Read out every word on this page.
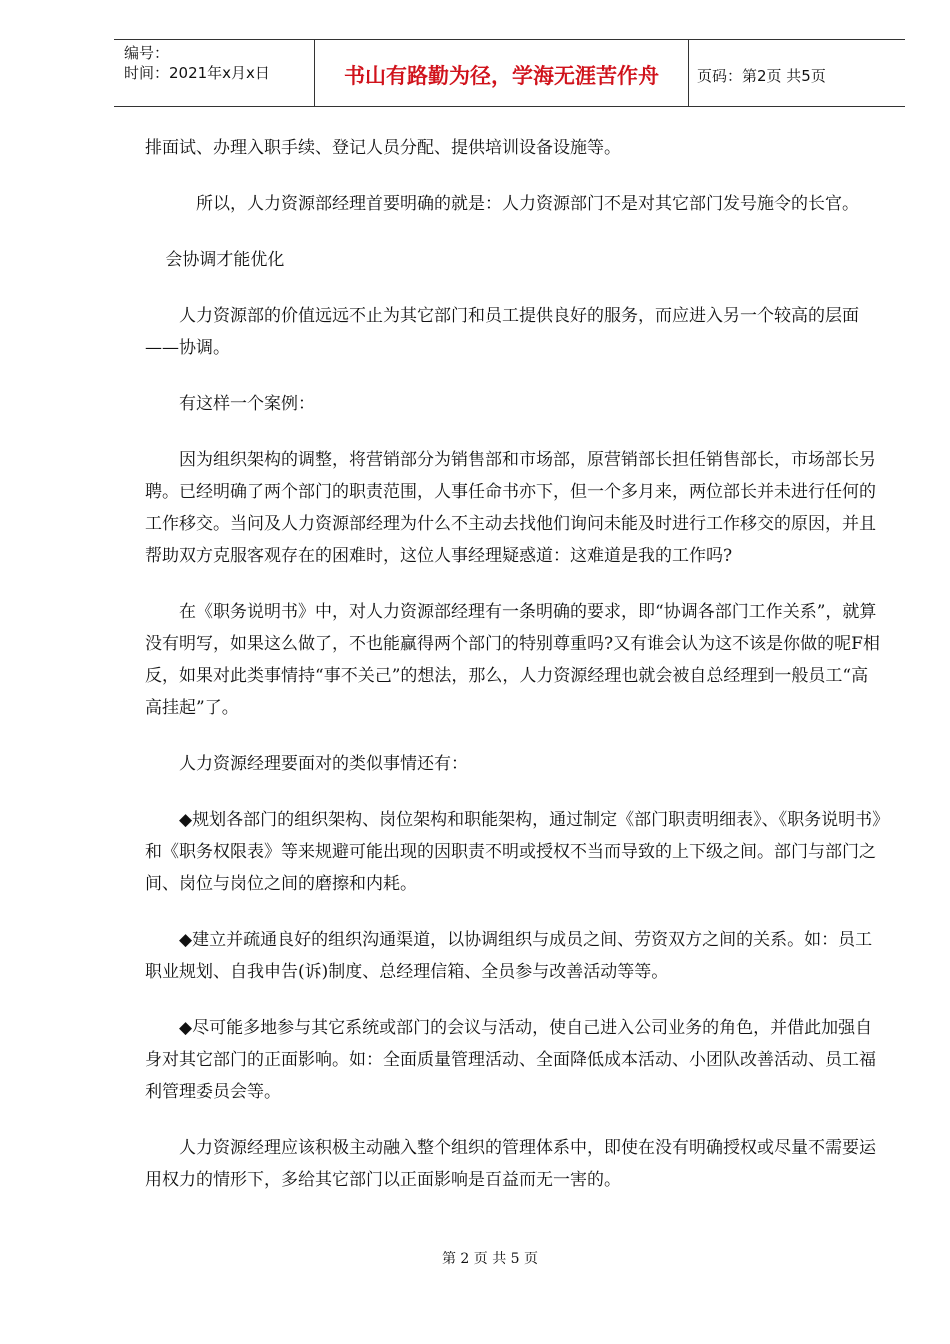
编号：
时间：2021年x月x日	书山有路勤为径，学海无涯苦作舟	页码：第2页 共5页

排面试、办理入职手续、登记人员分配、提供培训设备设施等。

所以，人力资源部经理首要明确的就是：人力资源部门不是对其它部门发号施令的长官。

会协调才能优化

人力资源部的价值远远不止为其它部门和员工提供良好的服务，而应进入另一个较高的层面——协调。

有这样一个案例：

因为组织架构的调整，将营销部分为销售部和市场部，原营销部长担任销售部长，市场部长另聘。已经明确了两个部门的职责范围，人事任命书亦下，但一个多月来，两位部长并未进行任何的工作移交。当问及人力资源部经理为什么不主动去找他们询问未能及时进行工作移交的原因，并且帮助双方克服客观存在的困难时，这位人事经理疑惑道：这难道是我的工作吗?

在《职务说明书》中，对人力资源部经理有一条明确的要求，即“协调各部门工作关系”，就算没有明写，如果这么做了，不也能赢得两个部门的特别尊重吗?又有谁会认为这不该是你做的呢F相反，如果对此类事情持“事不关己”的想法，那么，人力资源经理也就会被自总经理到一般员工“高高挂起”了。

人力资源经理要面对的类似事情还有：

◆规划各部门的组织架构、岗位架构和职能架构，通过制定《部门职责明细表》、《职务说明书》和《职务权限表》等来规避可能出现的因职责不明或授权不当而导致的上下级之间。部门与部门之间、岗位与岗位之间的磨擦和内耗。

◆建立并疏通良好的组织沟通渠道，以协调组织与成员之间、劳资双方之间的关系。如：员工职业规划、自我申告(诉)制度、总经理信箱、全员参与改善活动等等。

◆尽可能多地参与其它系统或部门的会议与活动，使自己进入公司业务的角色，并借此加强自身对其它部门的正面影响。如：全面质量管理活动、全面降低成本活动、小团队改善活动、员工福利管理委员会等。

人力资源经理应该积极主动融入整个组织的管理体系中，即使在没有明确授权或尽量不需要运用权力的情形下，多给其它部门以正面影响是百益而无一害的。

第 2 页 共 5 页
